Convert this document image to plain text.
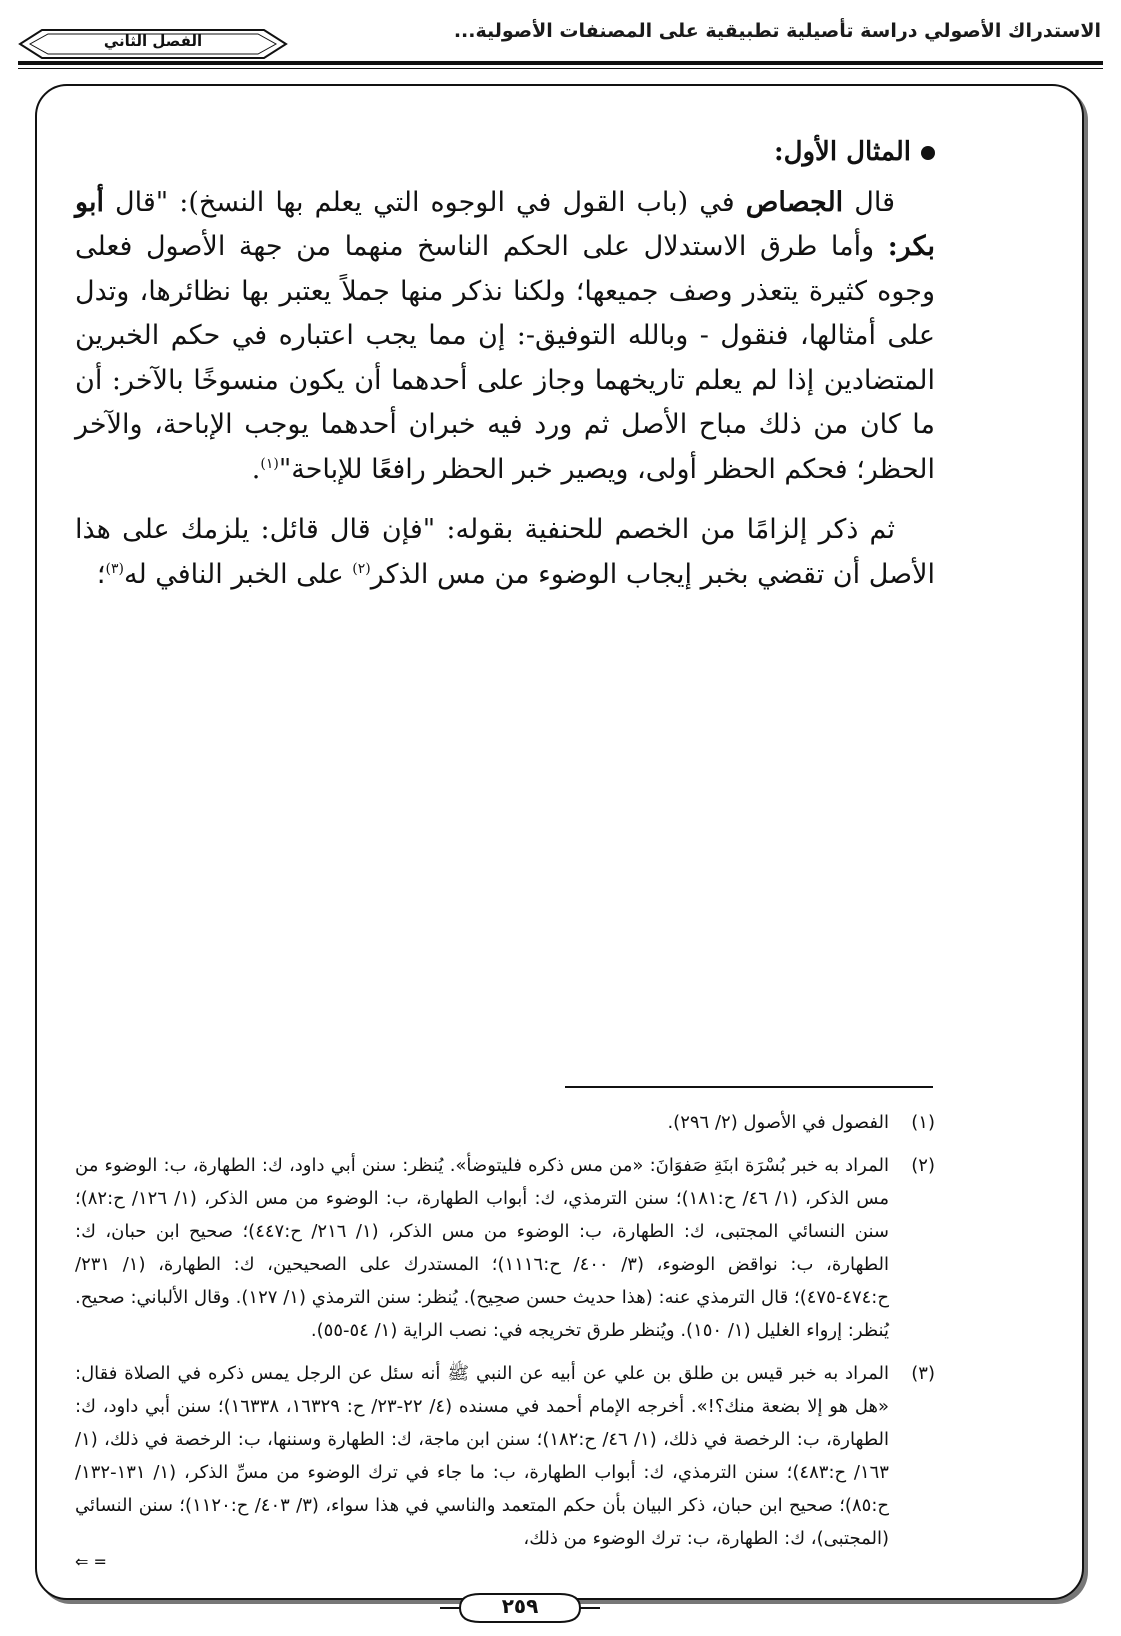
الاستدراك الأصولي دراسة تأصيلية تطبيقية على المصنفات الأصولية...
الفصل الثاني

المثال الأول:

قال الجصاص في (باب القول في الوجوه التي يعلم بها النسخ): "قال أبو بكر: وأما طرق الاستدلال على الحكم الناسخ منهما من جهة الأصول فعلى وجوه كثيرة يتعذر وصف جميعها؛ ولكنا نذكر منها جملاً يعتبر بها نظائرها، وتدل على أمثالها، فنقول - وبالله التوفيق-: إن مما يجب اعتباره في حكم الخبرين المتضادين إذا لم يعلم تاريخهما وجاز على أحدهما أن يكون منسوخًا بالآخر: أن ما كان من ذلك مباح الأصل ثم ورد فيه خبران أحدهما يوجب الإباحة، والآخر الحظر؛ فحكم الحظر أولى، ويصير خبر الحظر رافعًا للإباحة"$^{(١)}$.

ثم ذكر إلزامًا من الخصم للحنفية بقوله: "فإن قال قائل: يلزمك على هذا الأصل أن تقضي بخبر إيجاب الوضوء من مس الذكر$^{(٢)}$ على الخبر النافي له$^{(٣)}$؛

(١)
الفصول في الأصول (٢/ ٢٩٦).

(٢)
المراد به خبر بُسْرَة ابنَةِ صَفوَانَ: «من مس ذكره فليتوضأ». يُنظر: سنن أبي داود، ك: الطهارة، ب: الوضوء من مس الذكر، (١/ ٤٦/ ح:١٨١)؛ سنن الترمذي، ك: أبواب الطهارة، ب: الوضوء من مس الذكر، (١/ ١٢٦/ ح:٨٢)؛ سنن النسائي المجتبى، ك: الطهارة، ب: الوضوء من مس الذكر، (١/ ٢١٦/ ح:٤٤٧)؛ صحيح ابن حبان، ك: الطهارة، ب: نواقض الوضوء، (٣/ ٤٠٠/ ح:١١١٦)؛ المستدرك على الصحيحين، ك: الطهارة، (١/ ٢٣١/ ح:٤٧٤-٤٧٥)؛ قال الترمذي عنه: (هذا حديث حسن صحِيح). يُنظر: سنن الترمذي (١/ ١٢٧). وقال الألباني: صحيح. يُنظر: إرواء الغليل (١/ ١٥٠). ويُنظر طرق تخريجه في: نصب الراية (١/ ٥٤-٥٥).

(٣)
المراد به خبر قيس بن طلق بن علي عن أبيه عن النبي ﷺ أنه سئل عن الرجل يمس ذكره في الصلاة فقال: «هل هو إلا بضعة منك؟!». أخرجه الإمام أحمد في مسنده (٤/ ٢٢-٢٣/ ح: ١٦٣٢٩، ١٦٣٣٨)؛ سنن أبي داود، ك: الطهارة، ب: الرخصة في ذلك، (١/ ٤٦/ ح:١٨٢)؛ سنن ابن ماجة، ك: الطهارة وسننها، ب: الرخصة في ذلك، (١/ ١٦٣/ ح:٤٨٣)؛ سنن الترمذي، ك: أبواب الطهارة، ب: ما جاء في ترك الوضوء من مسِّ الذكر، (١/ ١٣١-١٣٢/ ح:٨٥)؛ صحيح ابن حبان، ذكر البيان بأن حكم المتعمد والناسي في هذا سواء، (٣/ ٤٠٣/ ح:١١٢٠)؛ سنن النسائي (المجتبى)، ك: الطهارة، ب: ترك الوضوء من ذلك،
⇐ =

٢٥٩
